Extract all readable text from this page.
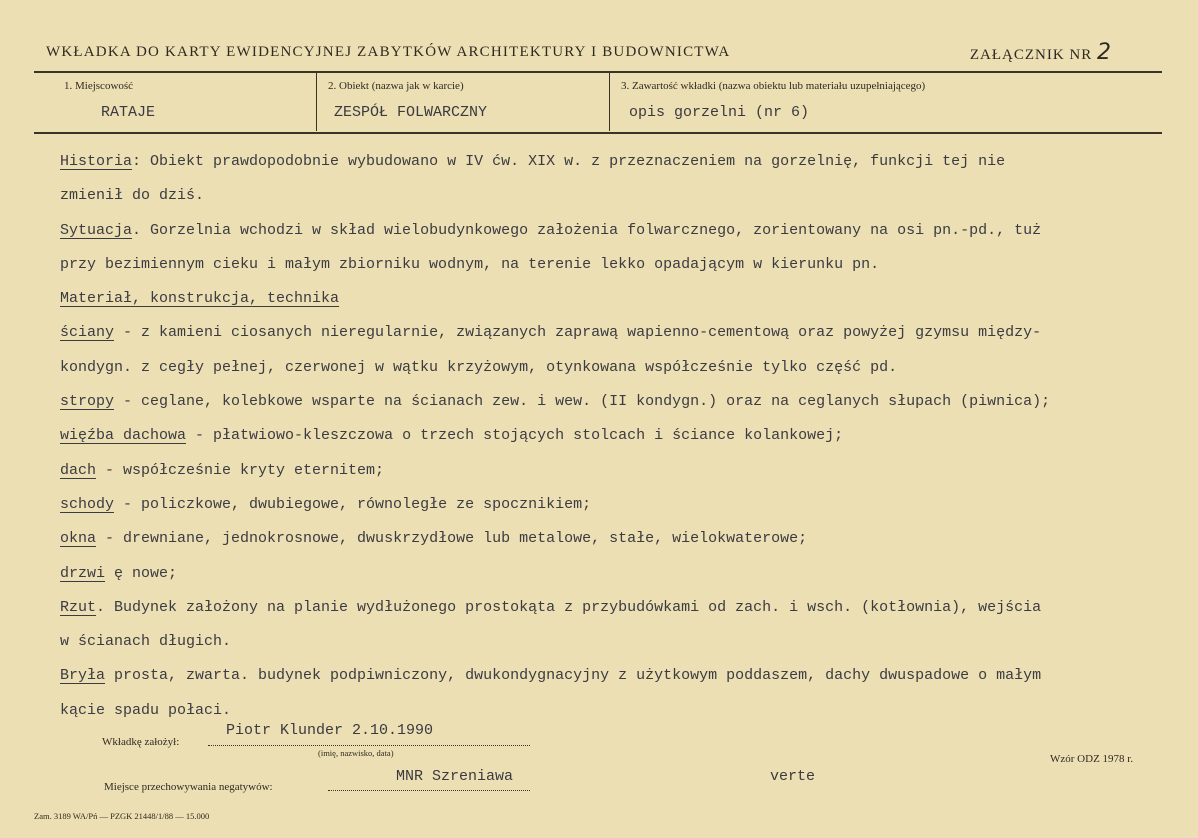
WKŁADKA DO KARTY EWIDENCYJNEJ ZABYTKÓW ARCHITEKTURY I BUDOWNICTWA	ZAŁĄCZNIK NR 2
1. Miejscowość
RATAJE
2. Obiekt (nazwa jak w karcie)
ZESPÓŁ FOLWARCZNY
3. Zawartość wkładki (nazwa obiektu lub materiału uzupełniającego)
opis gorzelni (nr 6)
Historia: Obiekt prawdopodobnie wybudowano w IV ćw. XIX w. z przeznaczeniem na gorzelnię, funkcji tej nie
zmienił do dziś.
Sytuacja. Gorzelnia wchodzi w skład wielobudynkowego założenia folwarcznego, zorientowany na osi pn.-pd., tuż
przy bezimiennym cieku i małym zbiorniku wodnym, na terenie lekko opadającym w kierunku pn.
Materiał, konstrukcja, technika
ściany - z kamieni ciosanych nieregularnie, związanych zaprawą wapienno-cementową oraz powyżej gzymsu między-
kondygn. z cegły pełnej, czerwonej w wątku krzyżowym, otynkowana współcześnie tylko część pd.
stropy - ceglane, kolebkowe wsparte na ścianach zew. i wew. (II kondygn.) oraz na ceglanych słupach (piwnica);
więźba dachowa - płatwiowo-kleszczowa o trzech stojących stolcach i ściance kolankowej;
dach - współcześnie kryty eternitem;
schody - policzkowe, dwubiegowe, równoległe ze spocznikiem;
okna - drewniane, jednokrosnowe, dwuskrzydłowe lub metalowe, stałe, wielokwaterowe;
drzwi ę nowe;
Rzut. Budynek założony na planie wydłużonego prostokąta z przybudówkami od zach. i wsch. (kotłownia), wejścia
w ścianach długich.
Bryła prosta, zwarta. budynek podpiwniczony, dwukondygnacyjny z użytkowym poddaszem, dachy dwuspadowe o małym
kącie spadu połaci.
Wkładkę założył:
Piotr Klunder 2.10.1990
(imię, nazwisko, data)
Miejsce przechowywania negatywów:
MNR Szreniawa	verte
Wzór ODZ 1978 r.
Zam. 3189 WA/Pń — PZGK 21448/1/88 — 15.000
